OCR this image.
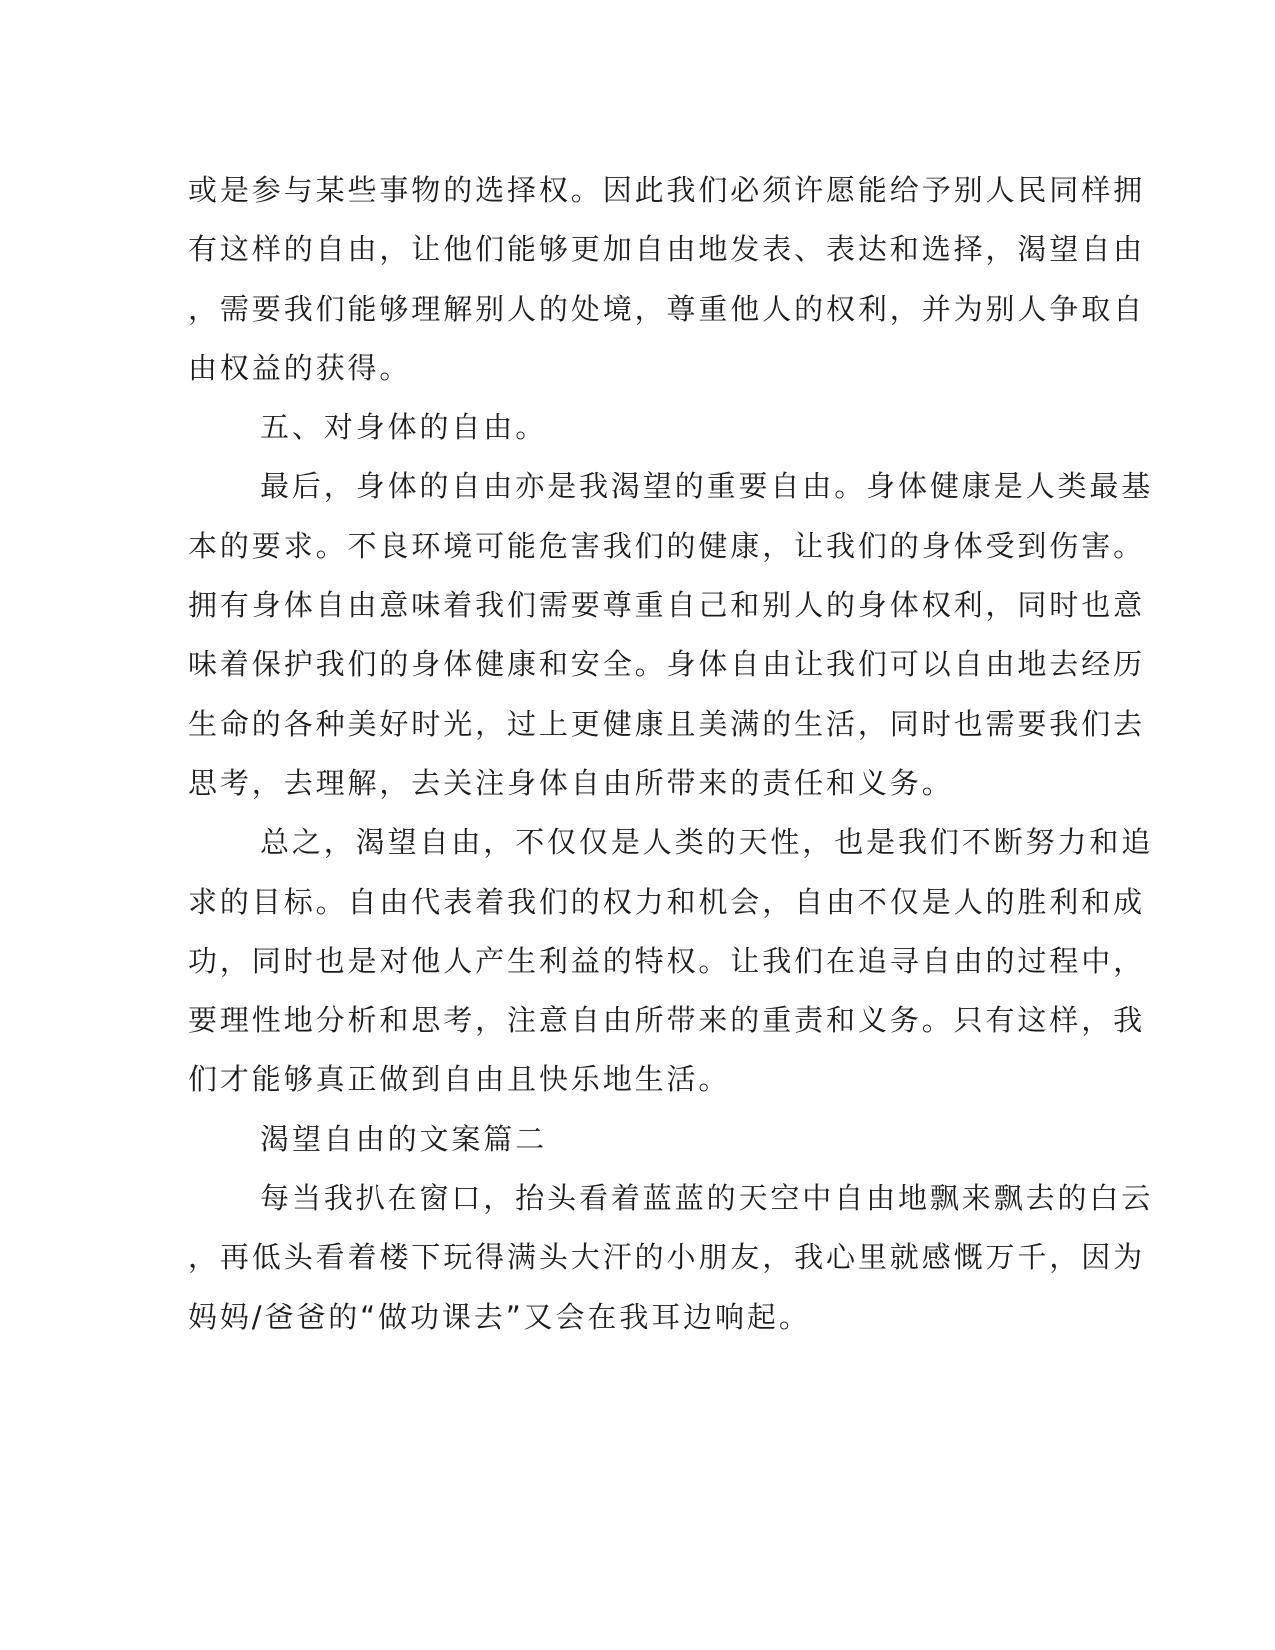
或是参与某些事物的选择权。因此我们必须许愿能给予别人民同样拥
有这样的自由，让他们能够更加自由地发表、表达和选择，渴望自由
，需要我们能够理解别人的处境，尊重他人的权利，并为别人争取自
由权益的获得。
五、对身体的自由。
最后，身体的自由亦是我渴望的重要自由。身体健康是人类最基
本的要求。不良环境可能危害我们的健康，让我们的身体受到伤害。
拥有身体自由意味着我们需要尊重自己和别人的身体权利，同时也意
味着保护我们的身体健康和安全。身体自由让我们可以自由地去经历
生命的各种美好时光，过上更健康且美满的生活，同时也需要我们去
思考，去理解，去关注身体自由所带来的责任和义务。
总之，渴望自由，不仅仅是人类的天性，也是我们不断努力和追
求的目标。自由代表着我们的权力和机会，自由不仅是人的胜利和成
功，同时也是对他人产生利益的特权。让我们在追寻自由的过程中，
要理性地分析和思考，注意自由所带来的重责和义务。只有这样，我
们才能够真正做到自由且快乐地生活。
渴望自由的文案篇二
每当我扒在窗口，抬头看着蓝蓝的天空中自由地飘来飘去的白云
，再低头看着楼下玩得满头大汗的小朋友，我心里就感慨万千，因为
妈妈/爸爸的“做功课去”又会在我耳边响起。
